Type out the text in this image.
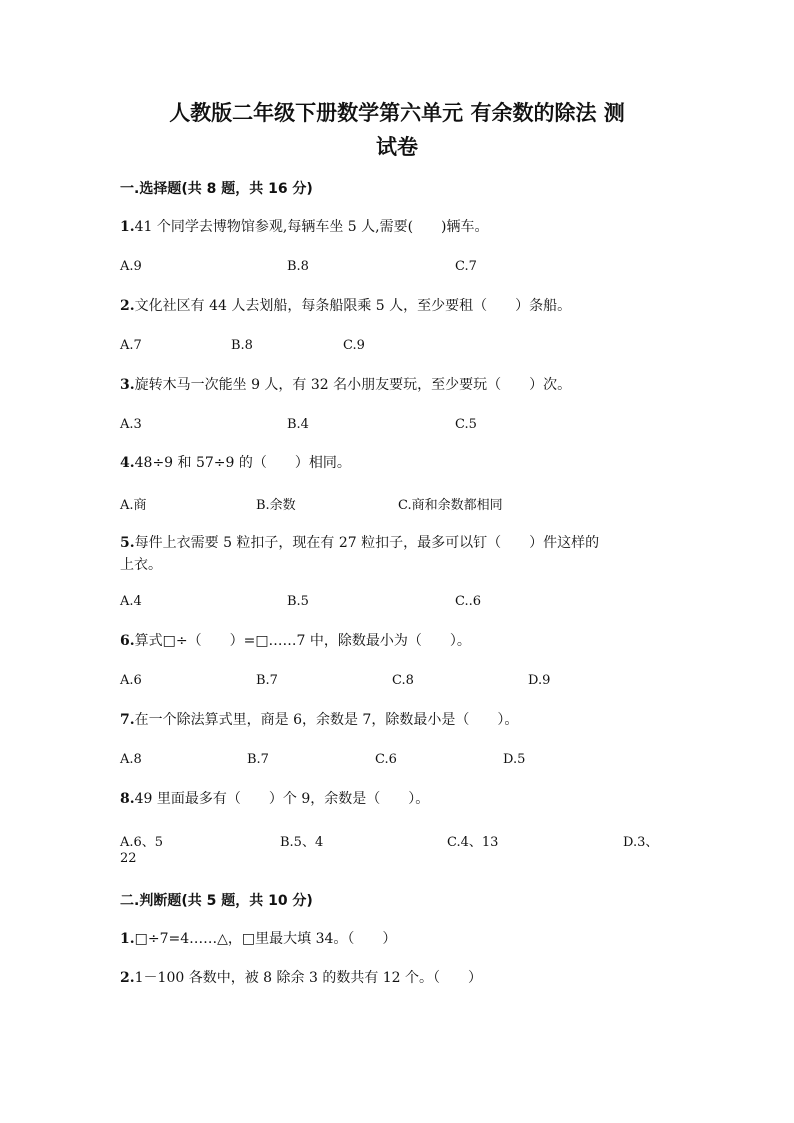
人教版二年级下册数学第六单元 有余数的除法 测
试卷
一.选择题(共 8 题，共 16 分)
1.41 个同学去博物馆参观,每辆车坐 5 人,需要(　　)辆车。
A.9	B.8	C.7
2.文化社区有 44 人去划船，每条船限乘 5 人，至少要租（　　）条船。
A.7	B.8	C.9
3.旋转木马一次能坐 9 人，有 32 名小朋友要玩，至少要玩（　　）次。
A.3	B.4	C.5
4.48÷9 和 57÷9 的（　　）相同。
A.商	B.余数	C.商和余数都相同
5.每件上衣需要 5 粒扣子，现在有 27 粒扣子，最多可以钉（　　）件这样的
上衣。
A.4	B.5	C..6
6.算式□÷（　　）=□……7 中，除数最小为（　　）。
A.6	B.7	C.8	D.9
7.在一个除法算式里，商是 6，余数是 7，除数最小是（　　）。
A.8	B.7	C.6	D.5
8.49 里面最多有（　　）个 9，余数是（　　）。
A.6、5	B.5、4	C.4、13	D.3、
22
二.判断题(共 5 题，共 10 分)
1.□÷7=4……△，□里最大填 34。（　　）
2.1－100 各数中，被 8 除余 3 的数共有 12 个。（　　）
